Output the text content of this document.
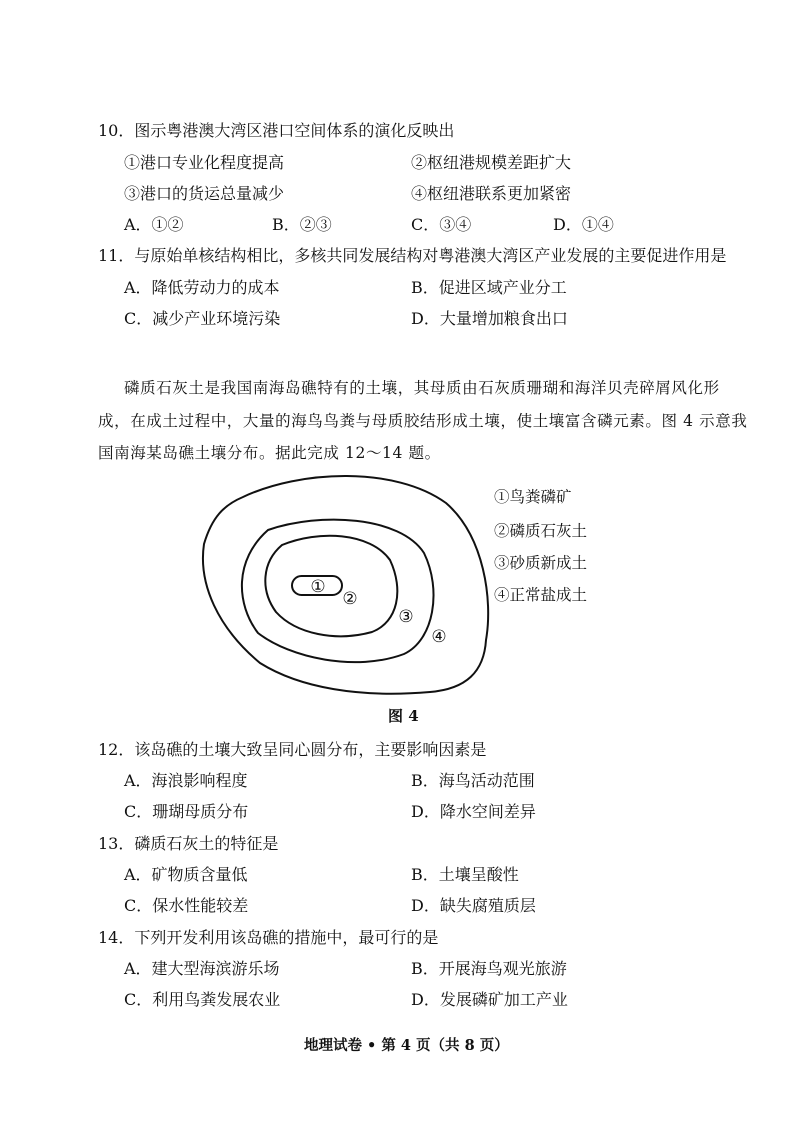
10．图示粤港澳大湾区港口空间体系的演化反映出
①港口专业化程度提高	②枢纽港规模差距扩大
③港口的货运总量减少	④枢纽港联系更加紧密
A．①②	B．②③	C．③④	D．①④
11．与原始单核结构相比，多核共同发展结构对粤港澳大湾区产业发展的主要促进作用是
A．降低劳动力的成本	B．促进区域产业分工
C．减少产业环境污染	D．大量增加粮食出口
磷质石灰土是我国南海岛礁特有的土壤，其母质由石灰质珊瑚和海洋贝壳碎屑风化形
成，在成土过程中，大量的海鸟鸟粪与母质胶结形成土壤，使土壤富含磷元素。图 4 示意我
国南海某岛礁土壤分布。据此完成 12～14 题。
①
②
③
④
①鸟粪磷矿
②磷质石灰土
③砂质新成土
④正常盐成土
图 4
12．该岛礁的土壤大致呈同心圆分布，主要影响因素是
A．海浪影响程度	B．海鸟活动范围
C．珊瑚母质分布	D．降水空间差异
13．磷质石灰土的特征是
A．矿物质含量低	B．土壤呈酸性
C．保水性能较差	D．缺失腐殖质层
14．下列开发利用该岛礁的措施中，最可行的是
A．建大型海滨游乐场	B．开展海鸟观光旅游
C．利用鸟粪发展农业	D．发展磷矿加工产业
地理试卷 • 第 4 页（共 8 页）
